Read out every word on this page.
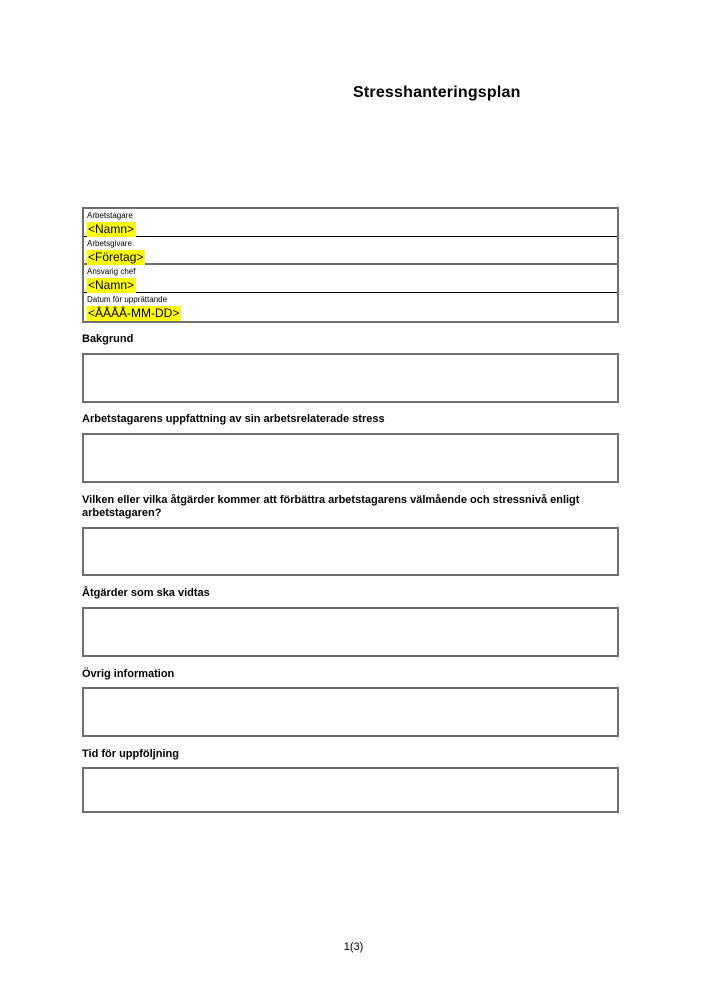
Stresshanteringsplan
Arbetstagare
<Namn>
Arbetsgivare
<Företag>
Ansvarig chef
<Namn>
Datum för upprättande
<ÅÅÅÅ-MM-DD>
Bakgrund
Arbetstagarens uppfattning av sin arbetsrelaterade stress
Vilken eller vilka åtgärder kommer att förbättra arbetstagarens välmående och stressnivå enligt arbetstagaren?
Åtgärder som ska vidtas
Övrig information
Tid för uppföljning
1(3)
